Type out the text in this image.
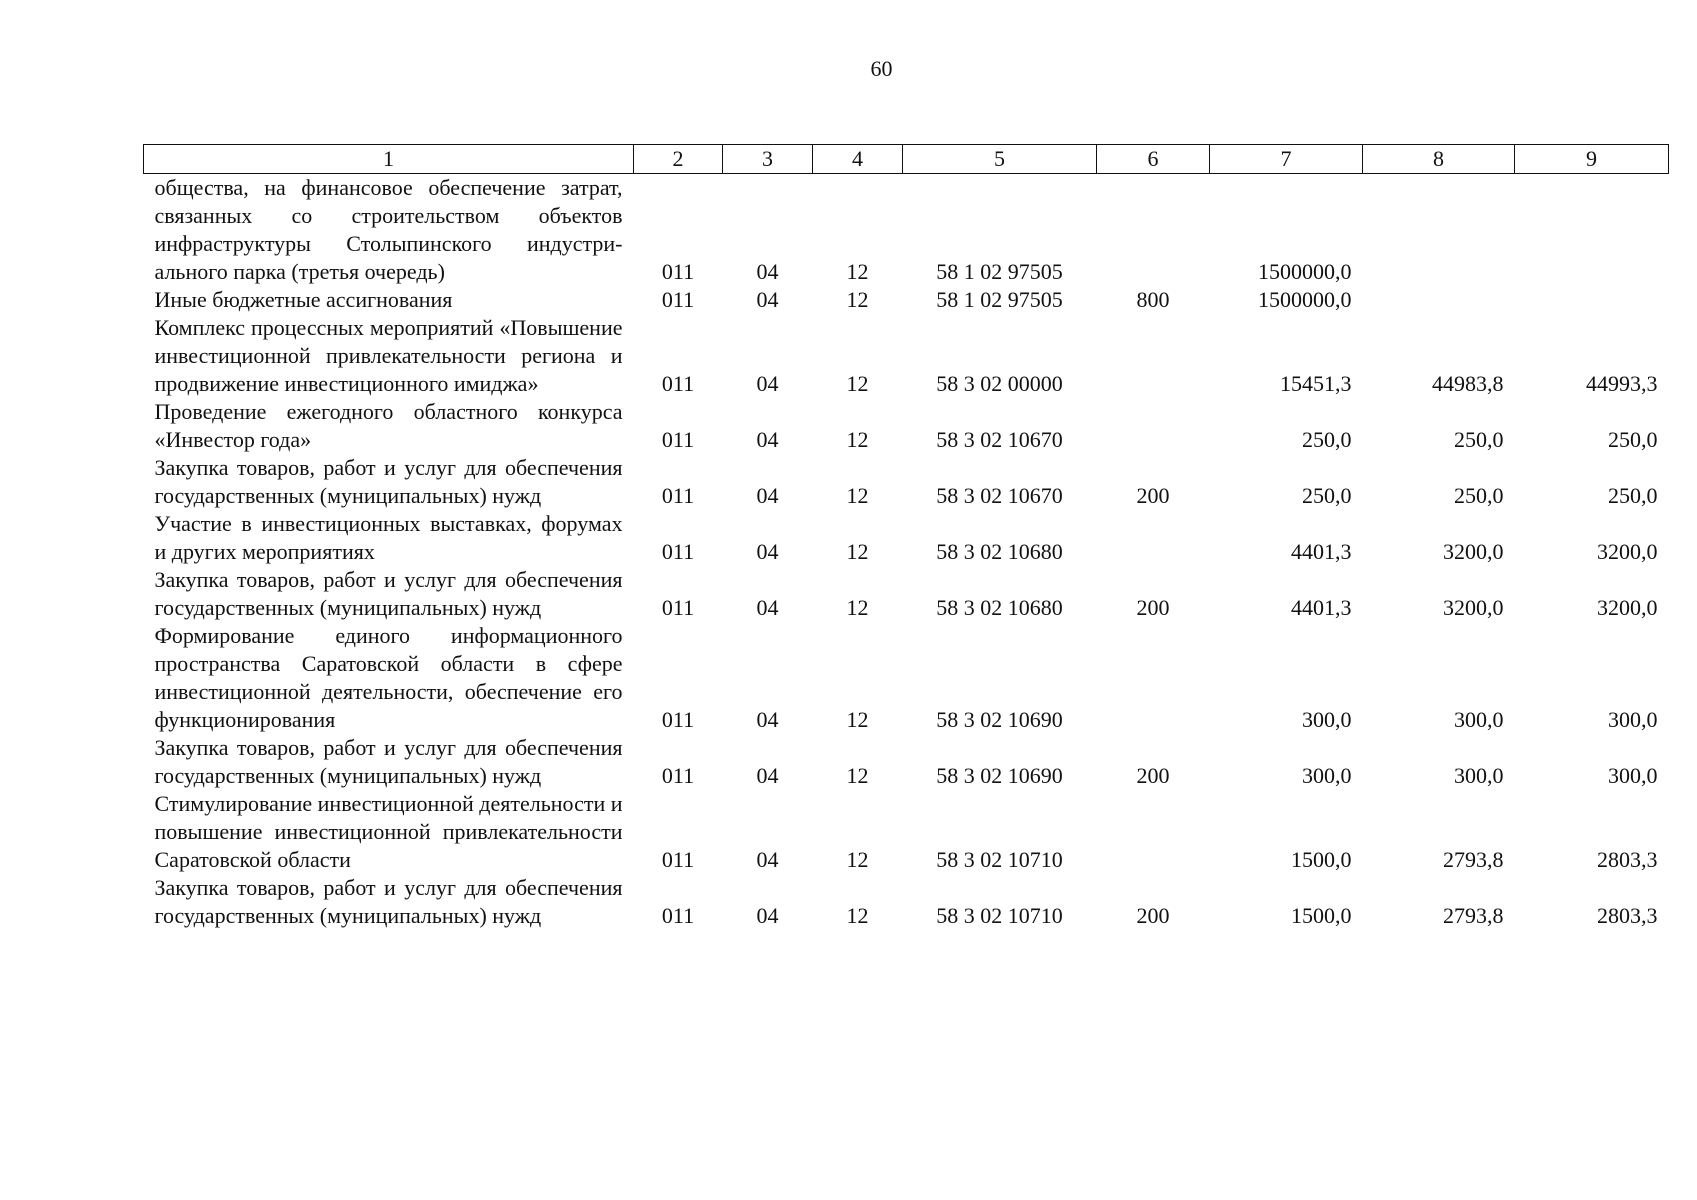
60
1	2	3	4	5	6	7	8	9
общества, на финансовое обеспечение затрат, связанных со строительством объектов инфраструктуры Столыпинского индустриального парка (третья очередь)	011	04	12	58 1 02 97505		1500000,0		
Иные бюджетные ассигнования	011	04	12	58 1 02 97505	800	1500000,0		
Комплекс процессных мероприятий «Повышение инвестиционной привлекательности региона и продвижение инвестиционного имиджа»	011	04	12	58 3 02 00000		15451,3	44983,8	44993,3
Проведение ежегодного областного конкурса «Инвестор года»	011	04	12	58 3 02 10670		250,0	250,0	250,0
Закупка товаров, работ и услуг для обеспечения государственных (муниципальных) нужд	011	04	12	58 3 02 10670	200	250,0	250,0	250,0
Участие в инвестиционных выставках, форумах и других мероприятиях	011	04	12	58 3 02 10680		4401,3	3200,0	3200,0
Закупка товаров, работ и услуг для обеспечения государственных (муниципальных) нужд	011	04	12	58 3 02 10680	200	4401,3	3200,0	3200,0
Формирование единого информационного пространства Саратовской области в сфере инвестиционной деятельности, обеспечение его функционирования	011	04	12	58 3 02 10690		300,0	300,0	300,0
Закупка товаров, работ и услуг для обеспечения государственных (муниципальных) нужд	011	04	12	58 3 02 10690	200	300,0	300,0	300,0
Стимулирование инвестиционной деятельности и повышение инвестиционной привлекательности Саратовской области	011	04	12	58 3 02 10710		1500,0	2793,8	2803,3
Закупка товаров, работ и услуг для обеспечения государственных (муниципальных) нужд	011	04	12	58 3 02 10710	200	1500,0	2793,8	2803,3
